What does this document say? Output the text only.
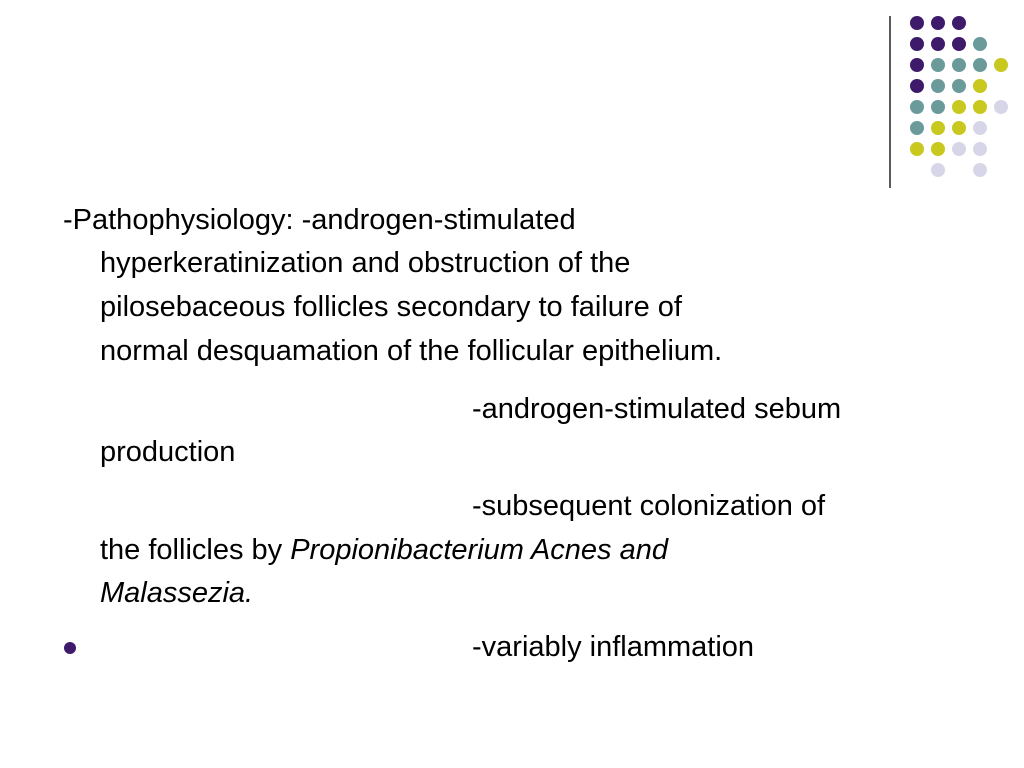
-Pathophysiology: -androgen-stimulated
hyperkeratinization and obstruction of the
pilosebaceous follicles secondary to failure of
normal desquamation of the follicular epithelium.
-androgen-stimulated sebum
production
-subsequent colonization of
the follicles by Propionibacterium Acnes and
Malassezia.
-variably inflammation
